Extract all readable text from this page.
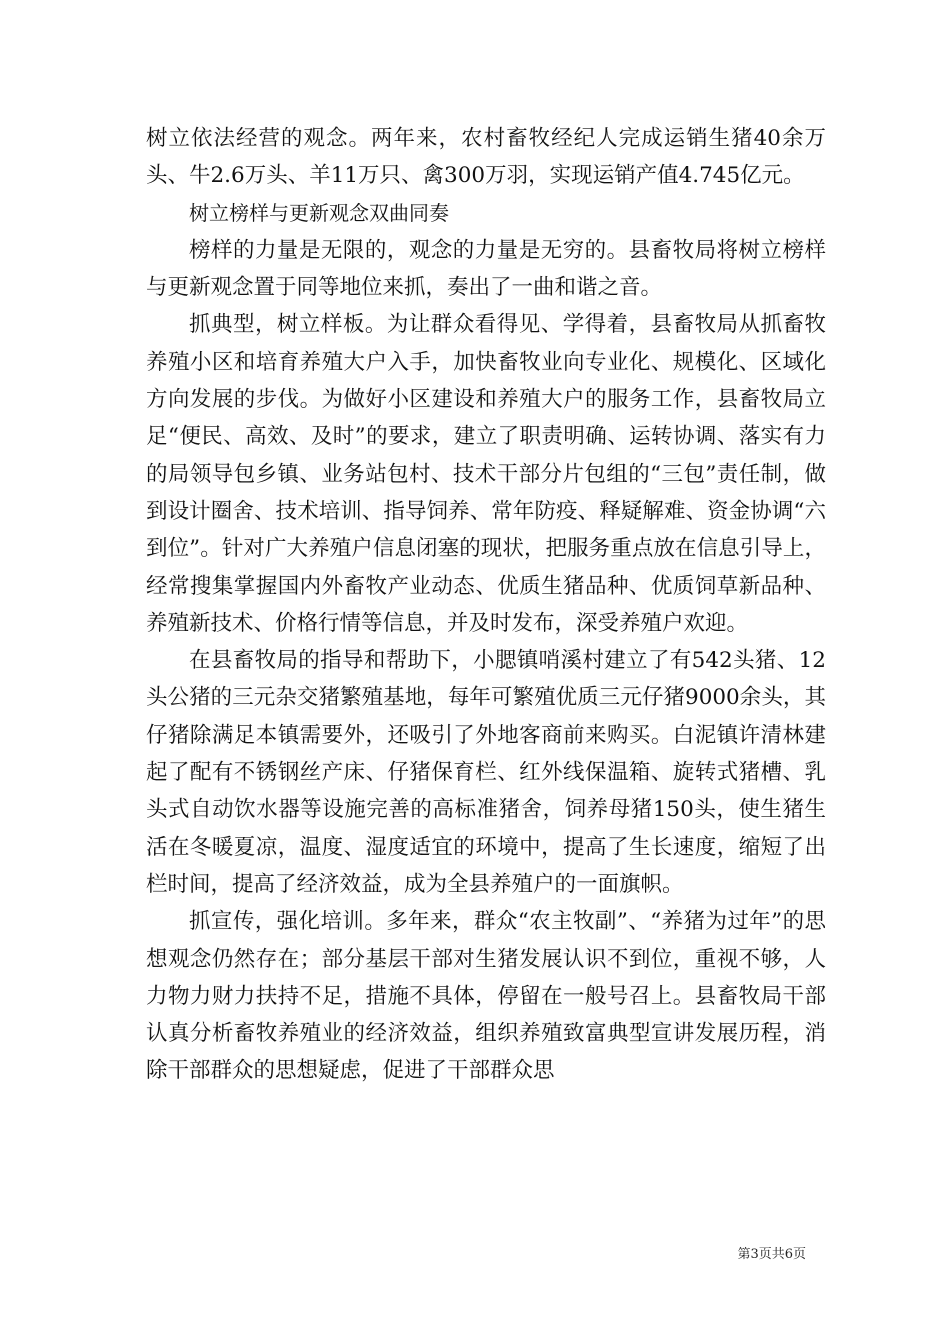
树立依法经营的观念。两年来，农村畜牧经纪人完成运销生猪40余万头、牛2.6万头、羊11万只、禽300万羽，实现运销产值4.745亿元。

树立榜样与更新观念双曲同奏

榜样的力量是无限的，观念的力量是无穷的。县畜牧局将树立榜样与更新观念置于同等地位来抓，奏出了一曲和谐之音。

抓典型，树立样板。为让群众看得见、学得着，县畜牧局从抓畜牧养殖小区和培育养殖大户入手，加快畜牧业向专业化、规模化、区域化方向发展的步伐。为做好小区建设和养殖大户的服务工作，县畜牧局立足“便民、高效、及时”的要求，建立了职责明确、运转协调、落实有力的局领导包乡镇、业务站包村、技术干部分片包组的“三包”责任制，做到设计圈舍、技术培训、指导饲养、常年防疫、释疑解难、资金协调“六到位”。针对广大养殖户信息闭塞的现状，把服务重点放在信息引导上，经常搜集掌握国内外畜牧产业动态、优质生猪品种、优质饲草新品种、养殖新技术、价格行情等信息，并及时发布，深受养殖户欢迎。

在县畜牧局的指导和帮助下，小腮镇哨溪村建立了有542头猪、12头公猪的三元杂交猪繁殖基地，每年可繁殖优质三元仔猪9000余头，其仔猪除满足本镇需要外，还吸引了外地客商前来购买。白泥镇许清林建起了配有不锈钢丝产床、仔猪保育栏、红外线保温箱、旋转式猪槽、乳头式自动饮水器等设施完善的高标准猪舍，饲养母猪150头，使生猪生活在冬暖夏凉，温度、湿度适宜的环境中，提高了生长速度，缩短了出栏时间，提高了经济效益，成为全县养殖户的一面旗帜。

抓宣传，强化培训。多年来，群众“农主牧副”、“养猪为过年”的思想观念仍然存在；部分基层干部对生猪发展认识不到位，重视不够，人力物力财力扶持不足，措施不具体，停留在一般号召上。县畜牧局干部认真分析畜牧养殖业的经济效益，组织养殖致富典型宣讲发展历程，消除干部群众的思想疑虑，促进了干部群众思

第3页共6页
